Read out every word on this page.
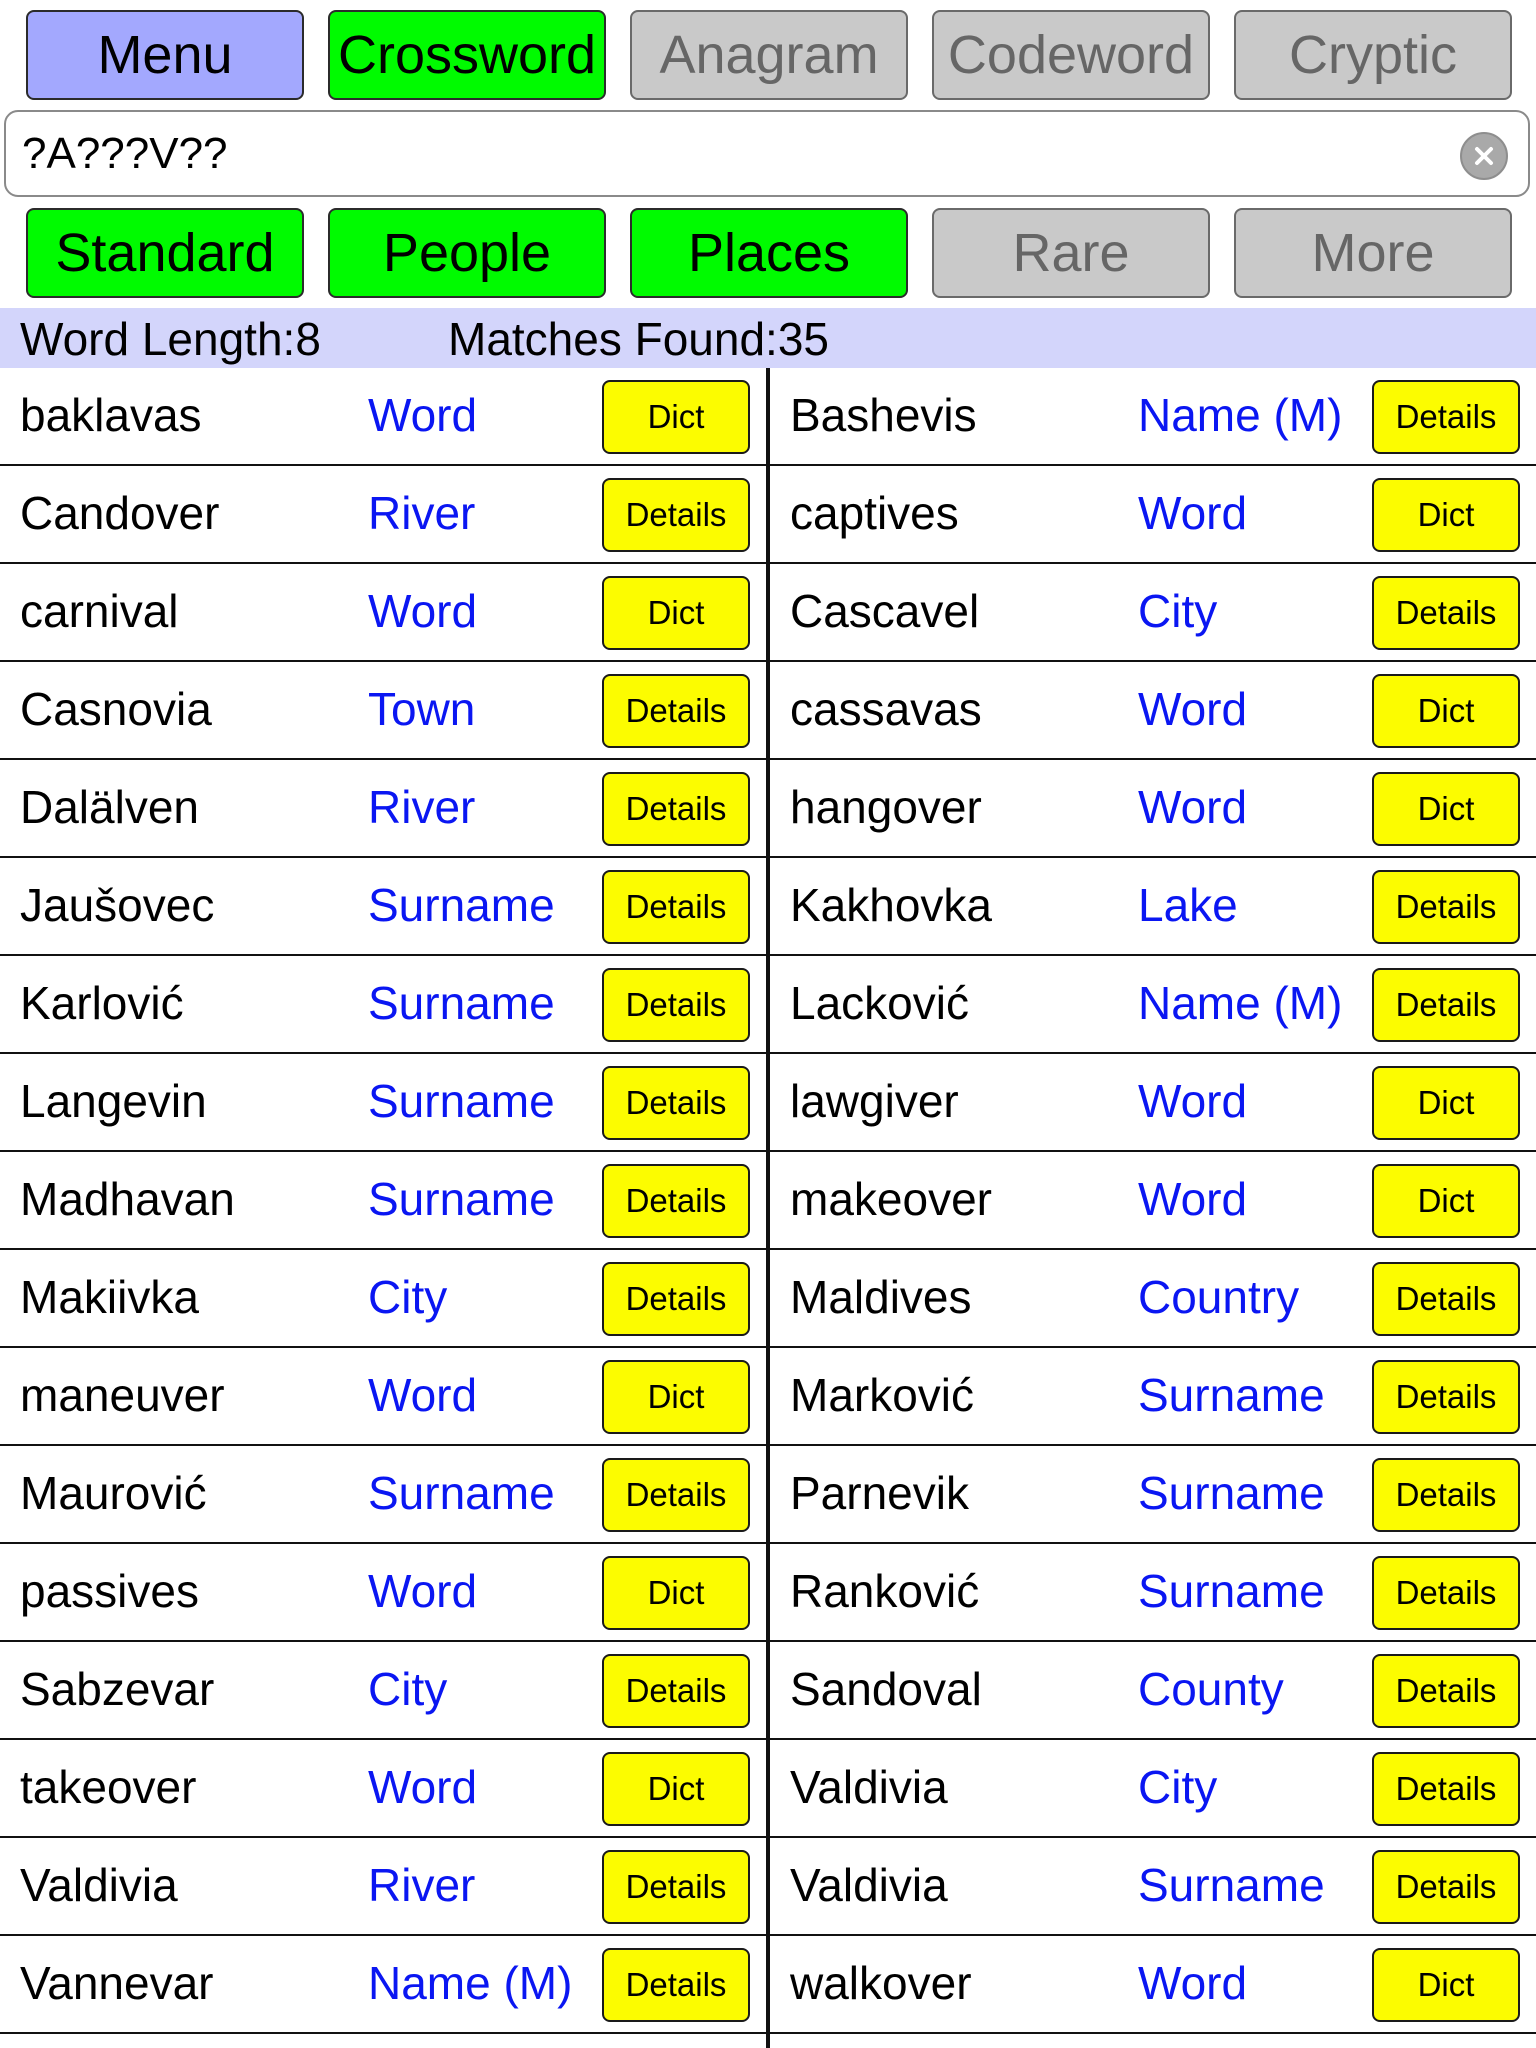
Menu	Crossword	Anagram	Codeword	Cryptic
?A???V??
Standard	People	Places	Rare	More
Word Length:8	Matches Found:35
baklavas	Word	Dict
Candover	River	Details
carnival	Word	Dict
Casnovia	Town	Details
Dalälven	River	Details
Jaušovec	Surname	Details
Karlović	Surname	Details
Langevin	Surname	Details
Madhavan	Surname	Details
Makiivka	City	Details
maneuver	Word	Dict
Maurović	Surname	Details
passives	Word	Dict
Sabzevar	City	Details
takeover	Word	Dict
Valdivia	River	Details
Vannevar	Name (M)	Details
Bashevis	Name (M)	Details
captives	Word	Dict
Cascavel	City	Details
cassavas	Word	Dict
hangover	Word	Dict
Kakhovka	Lake	Details
Lacković	Name (M)	Details
lawgiver	Word	Dict
makeover	Word	Dict
Maldives	Country	Details
Marković	Surname	Details
Parnevik	Surname	Details
Ranković	Surname	Details
Sandoval	County	Details
Valdivia	City	Details
Valdivia	Surname	Details
walkover	Word	Dict
